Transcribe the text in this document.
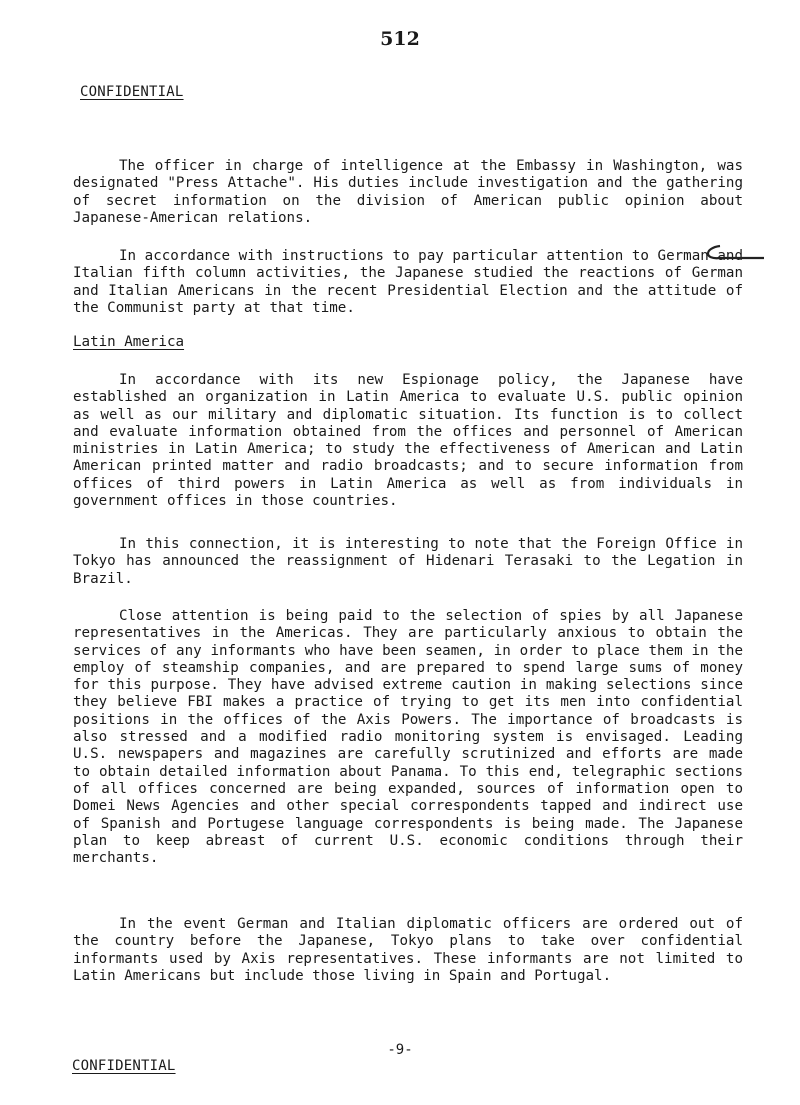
512
CONFIDENTIAL

The officer in charge of intelligence at the Embassy in Washington, was designated "Press Attache". His duties include investigation and the gathering of secret information on the division of American public opinion about Japanese-American relations.

In accordance with instructions to pay particular attention to German and Italian fifth column activities, the Japanese studied the reactions of German and Italian Americans in the recent Presidential Election and the attitude of the Communist party at that time.

Latin America

In accordance with its new Espionage policy, the Japanese have established an organization in Latin America to evaluate U.S. public opinion as well as our military and diplomatic situation. Its function is to collect and evaluate information obtained from the offices and personnel of American ministries in Latin America; to study the effectiveness of American and Latin American printed matter and radio broadcasts; and to secure information from offices of third powers in Latin America as well as from individuals in government offices in those countries.

In this connection, it is interesting to note that the Foreign Office in Tokyo has announced the reassignment of Hidenari Terasaki to the Legation in Brazil.

Close attention is being paid to the selection of spies by all Japanese representatives in the Americas. They are particularly anxious to obtain the services of any informants who have been seamen, in order to place them in the employ of steamship companies, and are prepared to spend large sums of money for this purpose. They have advised extreme caution in making selections since they believe FBI makes a practice of trying to get its men into confidential positions in the offices of the Axis Powers. The importance of broadcasts is also stressed and a modified radio monitoring system is envisaged. Leading U.S. newspapers and magazines are carefully scrutinized and efforts are made to obtain detailed information about Panama. To this end, telegraphic sections of all offices concerned are being expanded, sources of information open to Domei News Agencies and other special correspondents tapped and indirect use of Spanish and Portugese language correspondents is being made. The Japanese plan to keep abreast of current U.S. economic conditions through their merchants.

In the event German and Italian diplomatic officers are ordered out of the country before the Japanese, Tokyo plans to take over confidential informants used by Axis representatives. These informants are not limited to Latin Americans but include those living in Spain and Portugal.

-9-
CONFIDENTIAL
